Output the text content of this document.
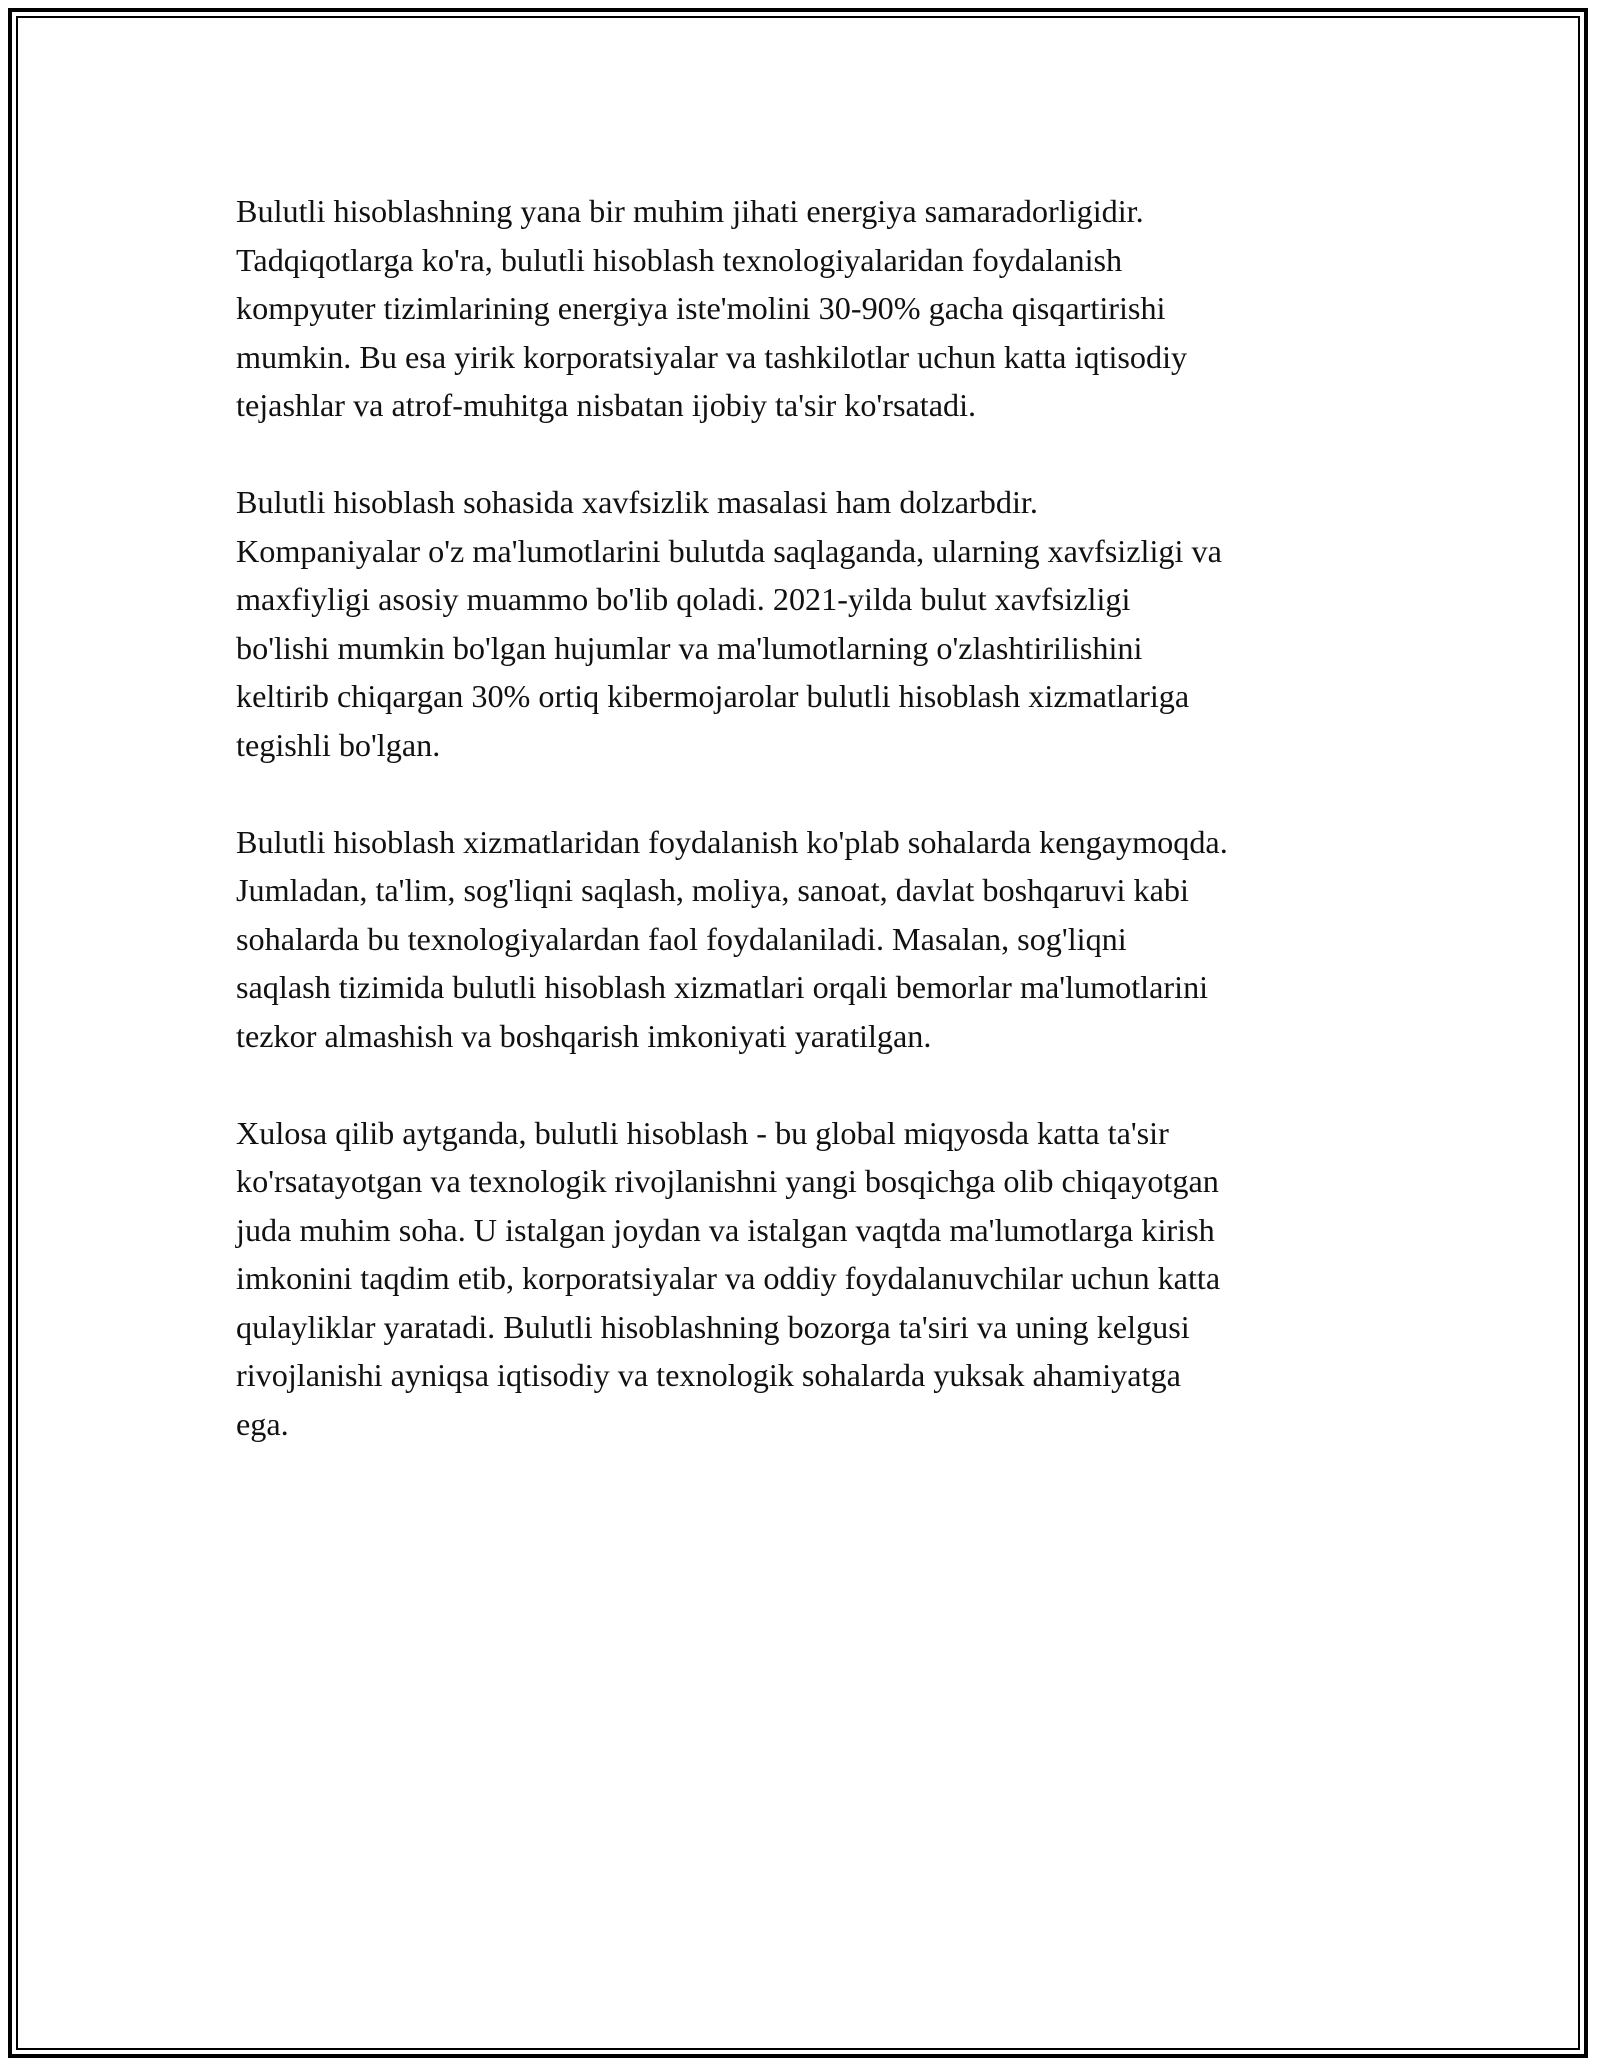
Bulutli hisoblashning yana bir muhim jihati energiya samaradorligidir.
Tadqiqotlarga ko'ra, bulutli hisoblash texnologiyalaridan foydalanish
kompyuter tizimlarining energiya iste'molini 30-90% gacha qisqartirishi
mumkin. Bu esa yirik korporatsiyalar va tashkilotlar uchun katta iqtisodiy
tejashlar va atrof-muhitga nisbatan ijobiy ta'sir ko'rsatadi.

Bulutli hisoblash sohasida xavfsizlik masalasi ham dolzarbdir.
Kompaniyalar o'z ma'lumotlarini bulutda saqlaganda, ularning xavfsizligi va
maxfiyligi asosiy muammo bo'lib qoladi. 2021-yilda bulut xavfsizligi
bo'lishi mumkin bo'lgan hujumlar va ma'lumotlarning o'zlashtirilishini
keltirib chiqargan 30% ortiq kibermojarolar bulutli hisoblash xizmatlariga
tegishli bo'lgan.

Bulutli hisoblash xizmatlaridan foydalanish ko'plab sohalarda kengaymoqda.
Jumladan, ta'lim, sog'liqni saqlash, moliya, sanoat, davlat boshqaruvi kabi
sohalarda bu texnologiyalardan faol foydalaniladi. Masalan, sog'liqni
saqlash tizimida bulutli hisoblash xizmatlari orqali bemorlar ma'lumotlarini
tezkor almashish va boshqarish imkoniyati yaratilgan.

Xulosa qilib aytganda, bulutli hisoblash - bu global miqyosda katta ta'sir
ko'rsatayotgan va texnologik rivojlanishni yangi bosqichga olib chiqayotgan
juda muhim soha. U istalgan joydan va istalgan vaqtda ma'lumotlarga kirish
imkonini taqdim etib, korporatsiyalar va oddiy foydalanuvchilar uchun katta
qulayliklar yaratadi. Bulutli hisoblashning bozorga ta'siri va uning kelgusi
rivojlanishi ayniqsa iqtisodiy va texnologik sohalarda yuksak ahamiyatga
ega.
